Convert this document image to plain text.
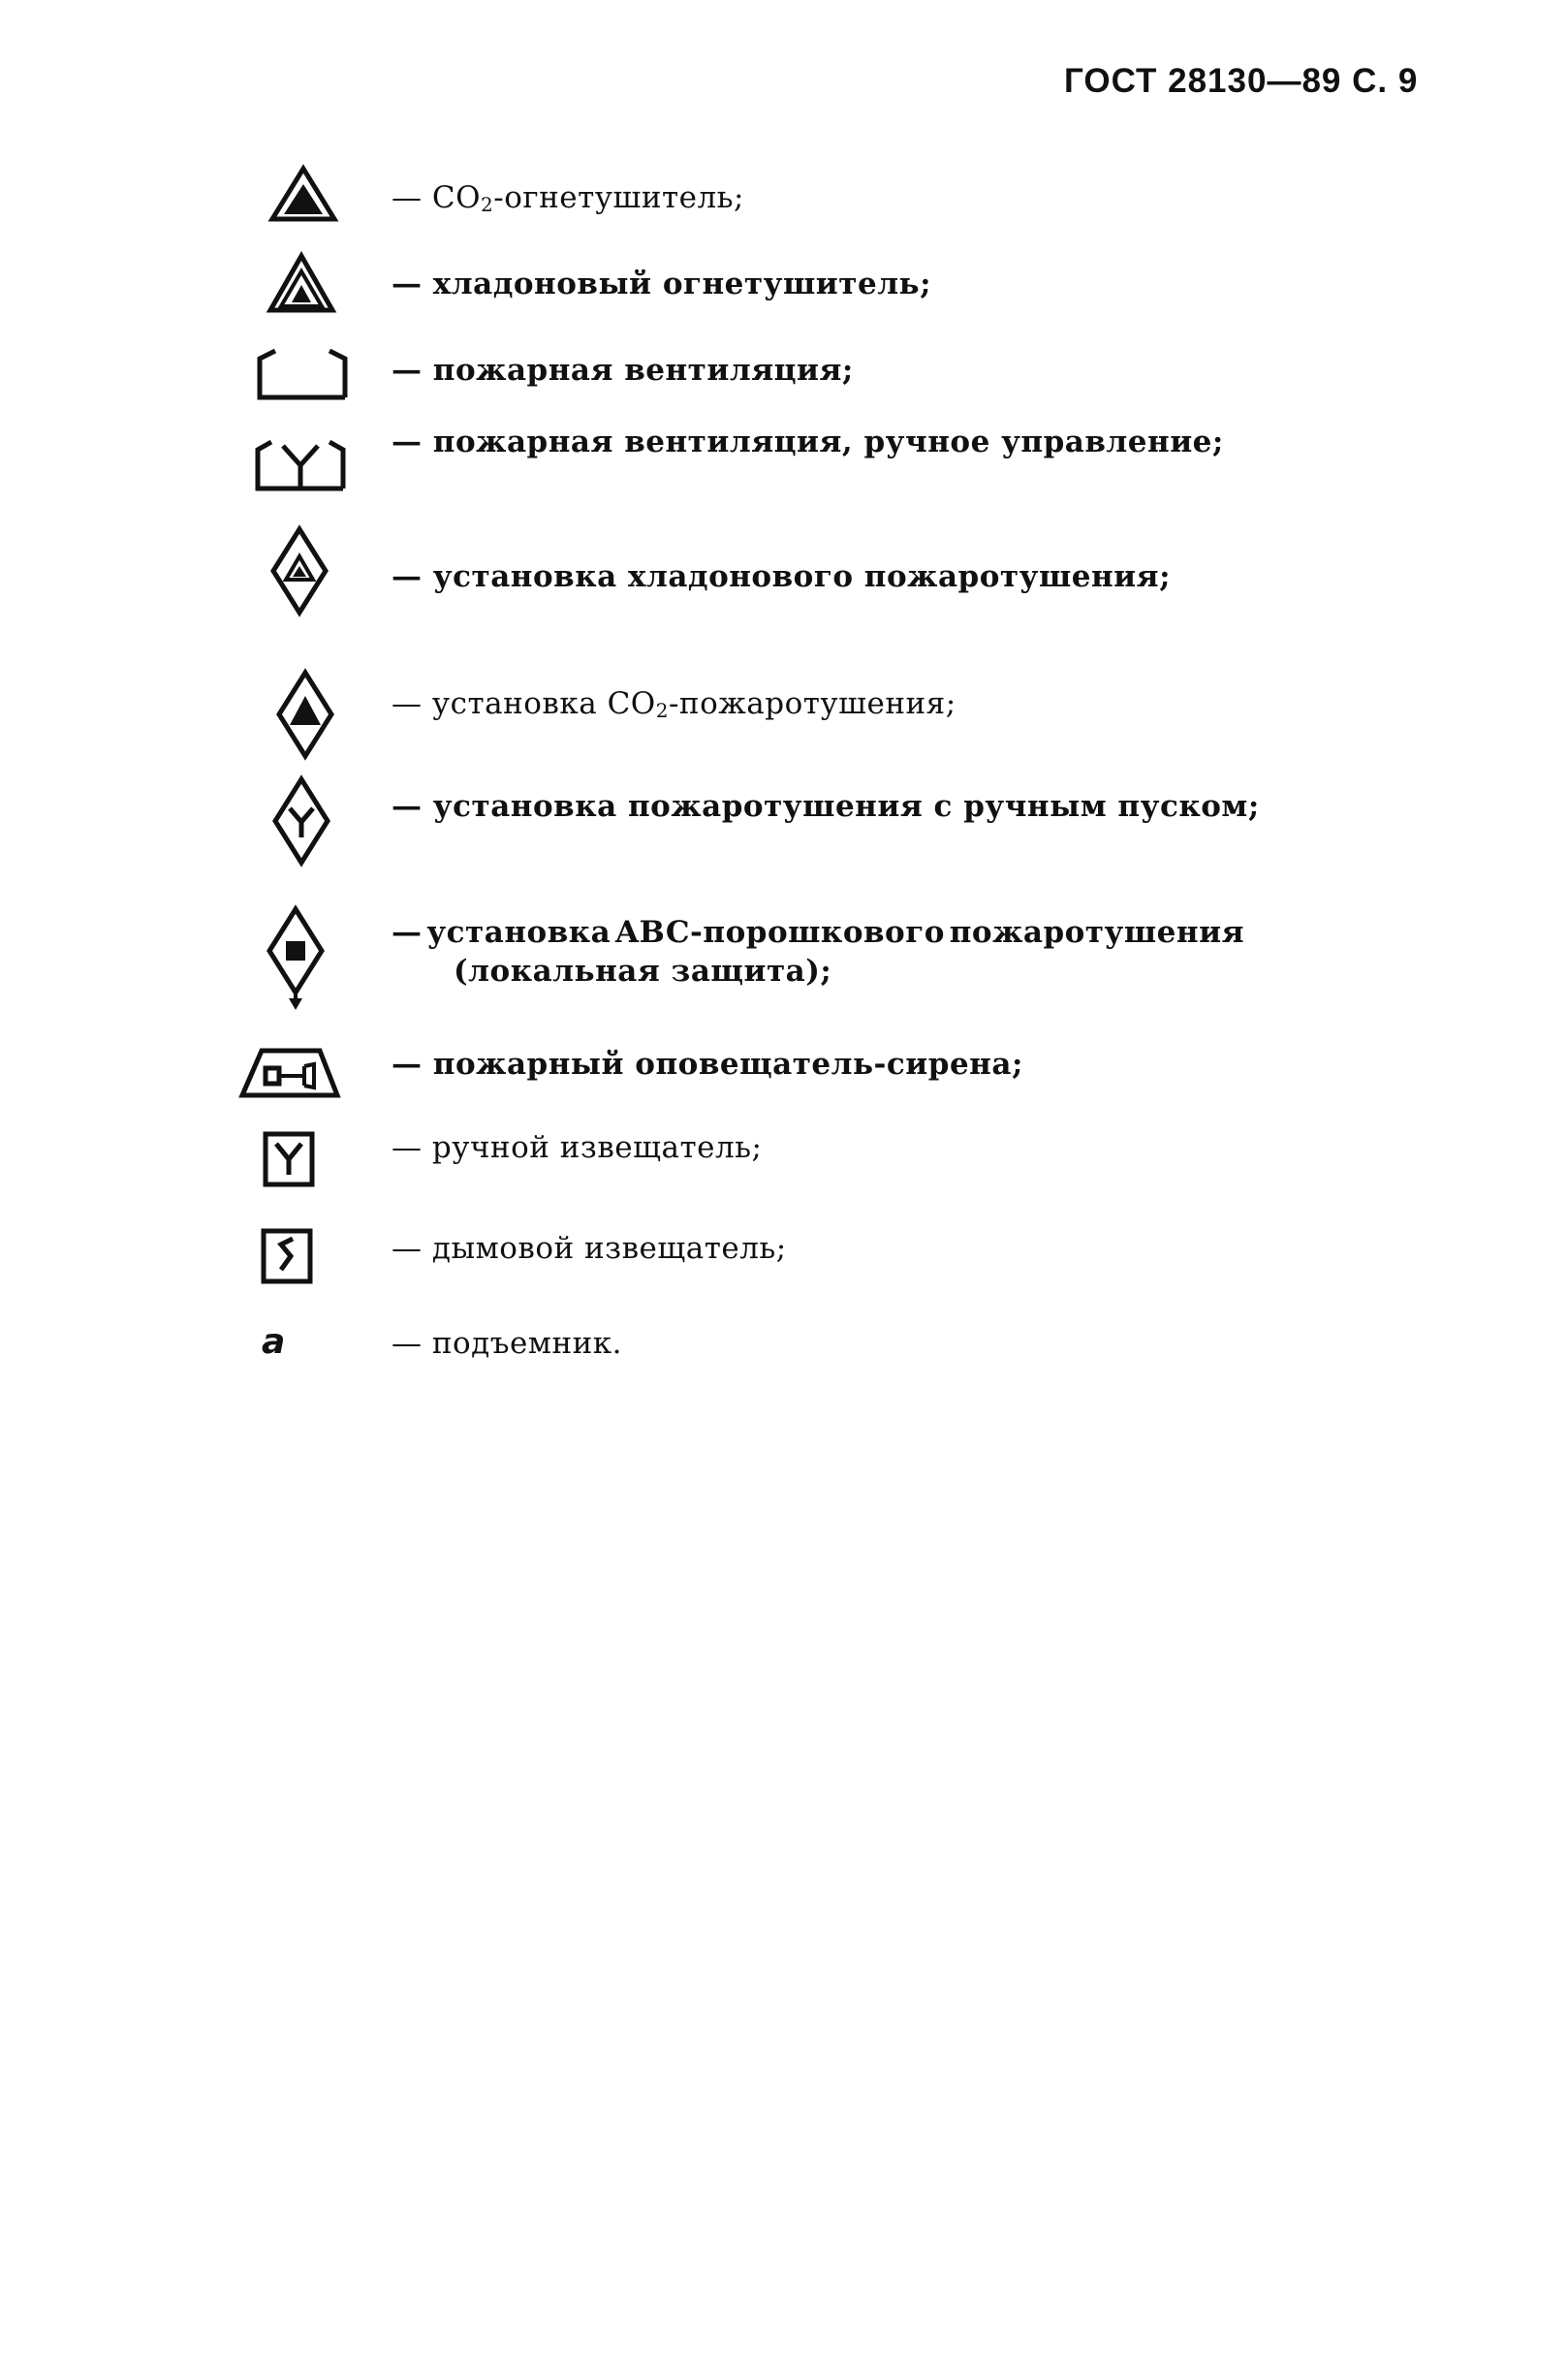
ГОСТ 28130—89 С. 9
— $CO_2$-огнетушитель;
— хладоновый огнетушитель;
— пожарная вентиляция;
— пожарная вентиляция, ручное управление;
— установка хладонового пожаротушения;
— установка $CO_2$-пожаротушения;
— установка пожаротушения с ручным пуском;
— установка ABC-порошкового пожаротушения
(локальная защита);
— пожарный оповещатель-сирена;
— ручной извещатель;
— дымовой извещатель;
a	— подъемник.
